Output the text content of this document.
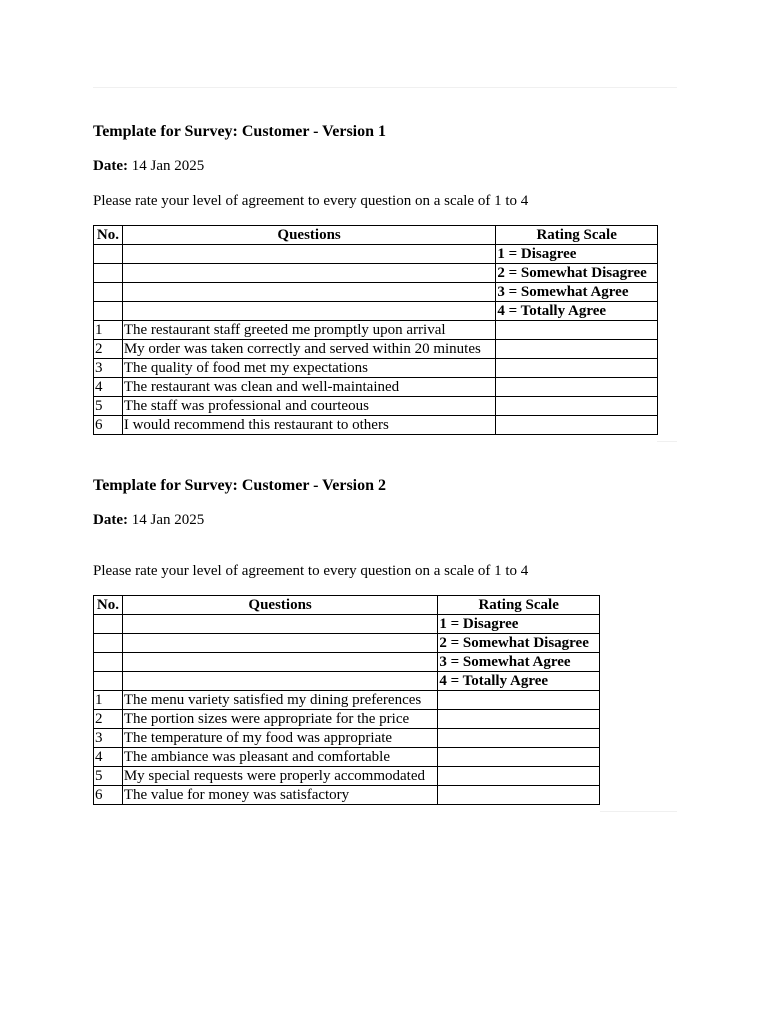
Template for Survey: Customer - Version 1
Date: 14 Jan 2025
Please rate your level of agreement to every question on a scale of 1 to 4
No.	Questions	Rating Scale
		1 = Disagree
		2 = Somewhat Disagree
		3 = Somewhat Agree
		4 = Totally Agree
1	The restaurant staff greeted me promptly upon arrival	
2	My order was taken correctly and served within 20 minutes	
3	The quality of food met my expectations	
4	The restaurant was clean and well-maintained	
5	The staff was professional and courteous	
6	I would recommend this restaurant to others	
Template for Survey: Customer - Version 2
Date: 14 Jan 2025
Please rate your level of agreement to every question on a scale of 1 to 4
No.	Questions	Rating Scale
		1 = Disagree
		2 = Somewhat Disagree
		3 = Somewhat Agree
		4 = Totally Agree
1	The menu variety satisfied my dining preferences	
2	The portion sizes were appropriate for the price	
3	The temperature of my food was appropriate	
4	The ambiance was pleasant and comfortable	
5	My special requests were properly accommodated	
6	The value for money was satisfactory	
